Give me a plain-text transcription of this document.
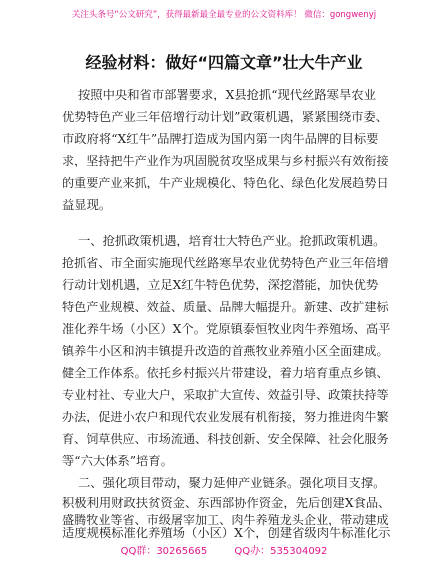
关注头条号“公文研究”，获得最新最全最专业的公文资料库！ 微信：gongwenyj
经验材料：做好“四篇文章”壮大牛产业
按照中央和省市部署要求，X县抢抓“现代丝路寒旱农业
优势特色产业三年倍增行动计划”政策机遇，紧紧围绕市委、
市政府将“X红牛”品牌打造成为国内第一肉牛品牌的目标要
求，坚持把牛产业作为巩固脱贫攻坚成果与乡村振兴有效衔接
的重要产业来抓，牛产业规模化、特色化、绿色化发展趋势日
益显现。
一、抢抓政策机遇，培育壮大特色产业。抢抓政策机遇。
抢抓省、市全面实施现代丝路寒旱农业优势特色产业三年倍增
行动计划机遇，立足X红牛特色优势，深挖潜能，加快优势
特色产业规模、效益、质量、品牌大幅提升。新建、改扩建标
准化养牛场（小区）X个。党原镇泰恒牧业肉牛养殖场、高平
镇养牛小区和汭丰镇提升改造的首燕牧业养殖小区全面建成。
健全工作体系。依托乡村振兴片带建设，着力培育重点乡镇、
专业村社、专业大户，采取扩大宣传、效益引导、政策扶持等
办法，促进小农户和现代农业发展有机衔接，努力推进肉牛繁
育、饲草供应、市场流通、科技创新、安全保障、社会化服务
等“六大体系”培育。
二、强化项目带动，聚力延伸产业链条。强化项目支撑。
积极利用财政扶贫资金、东西部协作资金，先后创建X食品、
盛腾牧业等省、市级屠宰加工、肉牛养殖龙头企业，带动建成
适度规模标准化养殖场（小区）X个，创建省级肉牛标准化示
QQ群：30265665	QQ办：535304092
